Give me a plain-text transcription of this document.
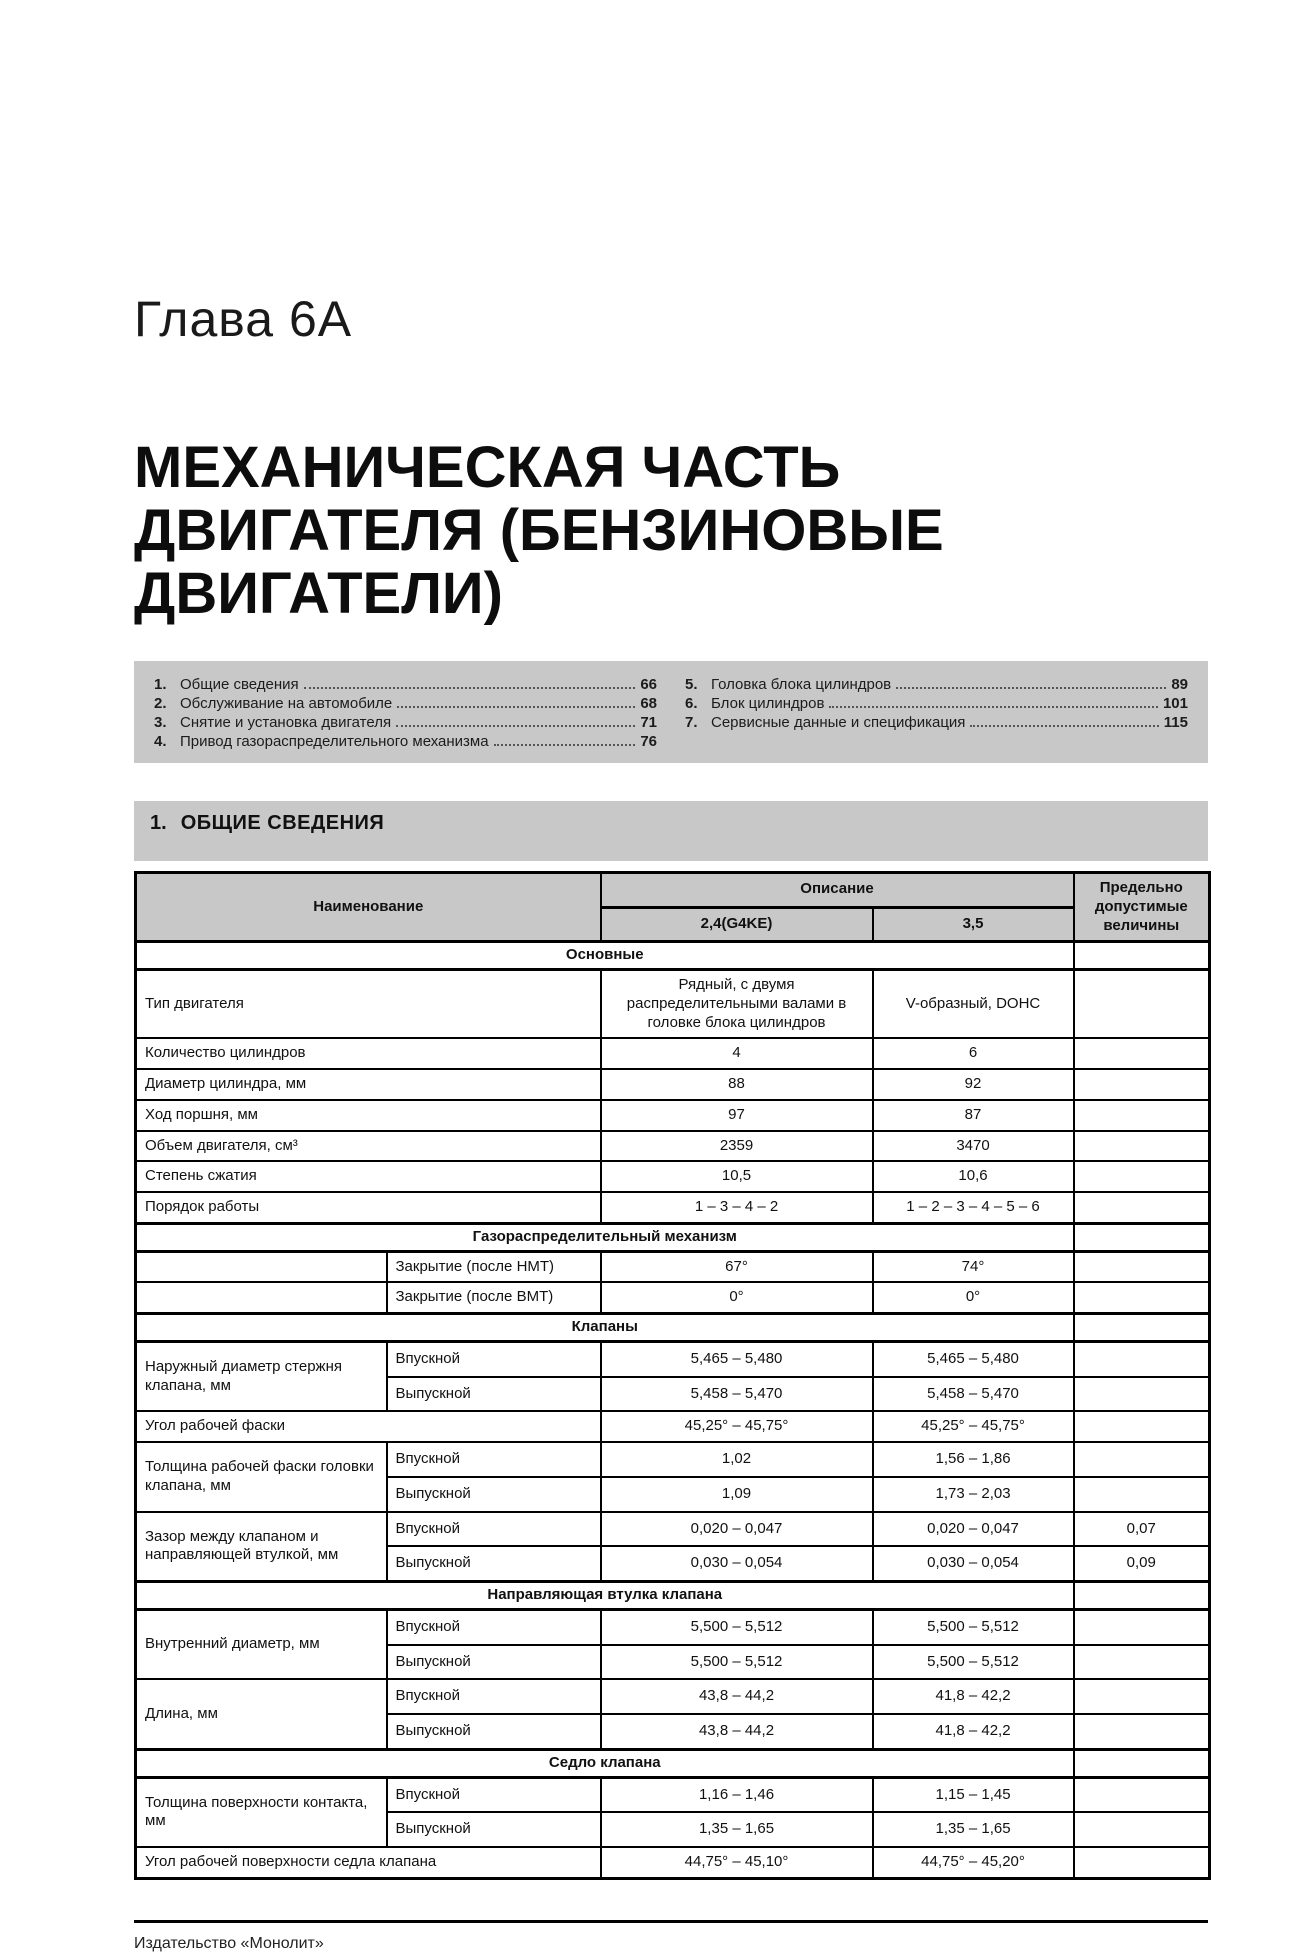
Глава 6А
МЕХАНИЧЕСКАЯ ЧАСТЬ
ДВИГАТЕЛЯ (БЕНЗИНОВЫЕ
ДВИГАТЕЛИ)
1. Общие сведения	66
2. Обслуживание на автомобиле	68
3. Снятие и установка двигателя	71
4. Привод газораспределительного механизма	76
5. Головка блока цилиндров	89
6. Блок цилиндров	101
7. Сервисные данные и спецификация	115
1. ОБЩИЕ СВЕДЕНИЯ
Наименование		Описание		Предельно допустимые величины
		2,4(G4KE)	3,5	
Основные				
Тип двигателя		Рядный, с двумя распределительными валами в головке блока цилиндров	V-образный, DOHC	
Количество цилиндров		4	6	
Диаметр цилиндра, мм		88	92	
Ход поршня, мм		97	87	
Объем двигателя, см³		2359	3470	
Степень сжатия		10,5	10,6	
Порядок работы		1 – 3 – 4 – 2	1 – 2 – 3 – 4 – 5 – 6	
Газораспределительный механизм				
	Закрытие (после НМТ)	67°	74°	
	Закрытие (после ВМТ)	0°	0°	
Клапаны				
Наружный диаметр стержня клапана, мм	Впускной	5,465 – 5,480	5,465 – 5,480	
	Выпускной	5,458 – 5,470	5,458 – 5,470	
Угол рабочей фаски		45,25° – 45,75°	45,25° – 45,75°	
Толщина рабочей фаски головки клапана, мм	Впускной	1,02	1,56 – 1,86	
	Выпускной	1,09	1,73 – 2,03	
Зазор между клапаном и направляющей втулкой, мм	Впускной	0,020 – 0,047	0,020 – 0,047	0,07
	Выпускной	0,030 – 0,054	0,030 – 0,054	0,09
Направляющая втулка клапана				
Внутренний диаметр, мм	Впускной	5,500 – 5,512	5,500 – 5,512	
	Выпускной	5,500 – 5,512	5,500 – 5,512	
Длина, мм	Впускной	43,8 – 44,2	41,8 – 42,2	
	Выпускной	43,8 – 44,2	41,8 – 42,2	
Седло клапана				
Толщина поверхности контакта, мм	Впускной	1,16 – 1,46	1,15 – 1,45	
	Выпускной	1,35 – 1,65	1,35 – 1,65	
Угол рабочей поверхности седла клапана		44,75° – 45,10°	44,75° – 45,20°	
Издательство «Монолит»
